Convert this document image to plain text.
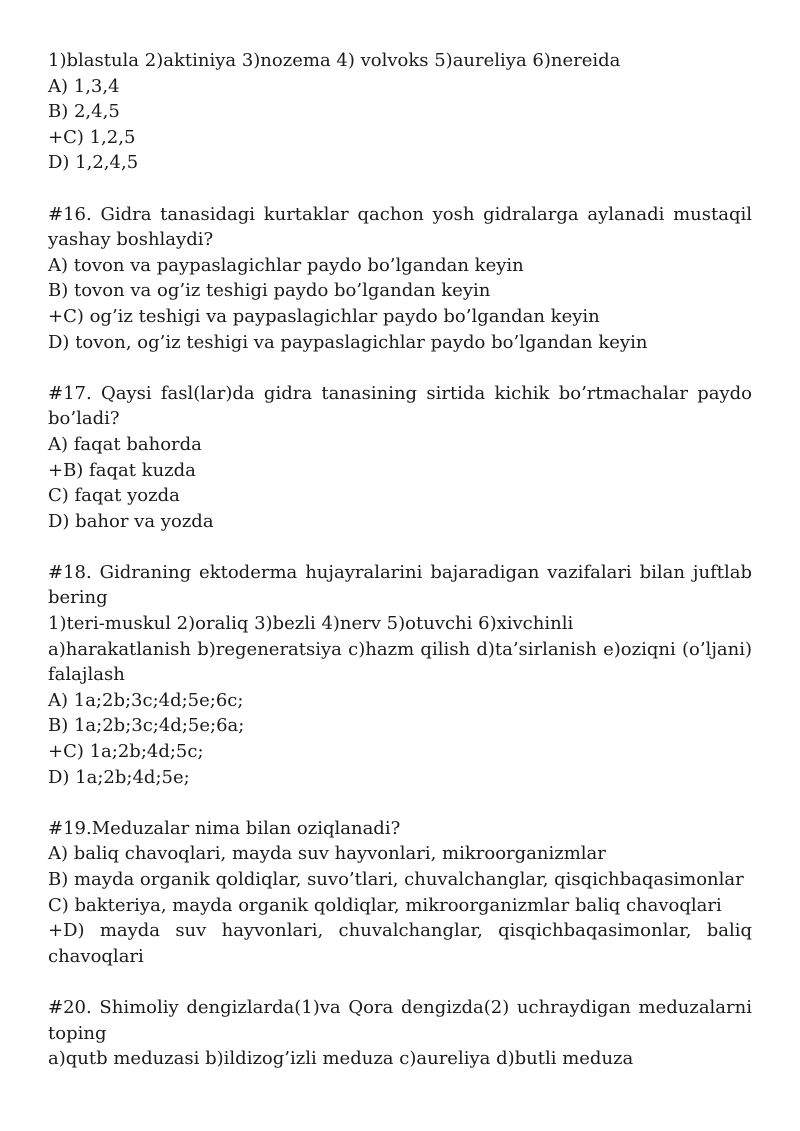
1)blastula 2)aktiniya 3)nozema 4) volvoks 5)aureliya 6)nereida
A) 1,3,4
B) 2,4,5
+C) 1,2,5
D) 1,2,4,5
#16. Gidra tanasidagi kurtaklar qachon yosh gidralarga aylanadi mustaqil
yashay boshlaydi?
A) tovon va paypaslagichlar paydo bo’lgandan keyin
B) tovon va og’iz teshigi paydo bo’lgandan keyin
+C) og’iz teshigi va paypaslagichlar paydo bo’lgandan keyin
D) tovon, og’iz teshigi va paypaslagichlar paydo bo’lgandan keyin
#17. Qaysi fasl(lar)da gidra tanasining sirtida kichik bo’rtmachalar paydo
bo’ladi?
A) faqat bahorda
+B) faqat kuzda
C) faqat yozda
D) bahor va yozda
#18. Gidraning ektoderma hujayralarini bajaradigan vazifalari bilan juftlab
bering
1)teri-muskul 2)oraliq 3)bezli 4)nerv 5)otuvchi 6)xivchinli
a)harakatlanish b)regeneratsiya c)hazm qilish d)ta’sirlanish e)oziqni (o’ljani)
falajlash
A) 1a;2b;3c;4d;5e;6c;
B) 1a;2b;3c;4d;5e;6a;
+C) 1a;2b;4d;5c;
D) 1a;2b;4d;5e;
#19.Meduzalar nima bilan oziqlanadi?
A) baliq chavoqlari, mayda suv hayvonlari, mikroorganizmlar
B) mayda organik qoldiqlar, suvo’tlari, chuvalchanglar, qisqichbaqasimonlar
C) bakteriya, mayda organik qoldiqlar, mikroorganizmlar baliq chavoqlari
+D) mayda suv hayvonlari, chuvalchanglar, qisqichbaqasimonlar, baliq
chavoqlari
#20. Shimoliy dengizlarda(1)va Qora dengizda(2) uchraydigan meduzalarni
toping
a)qutb meduzasi b)ildizog’izli meduza c)aureliya d)butli meduza
